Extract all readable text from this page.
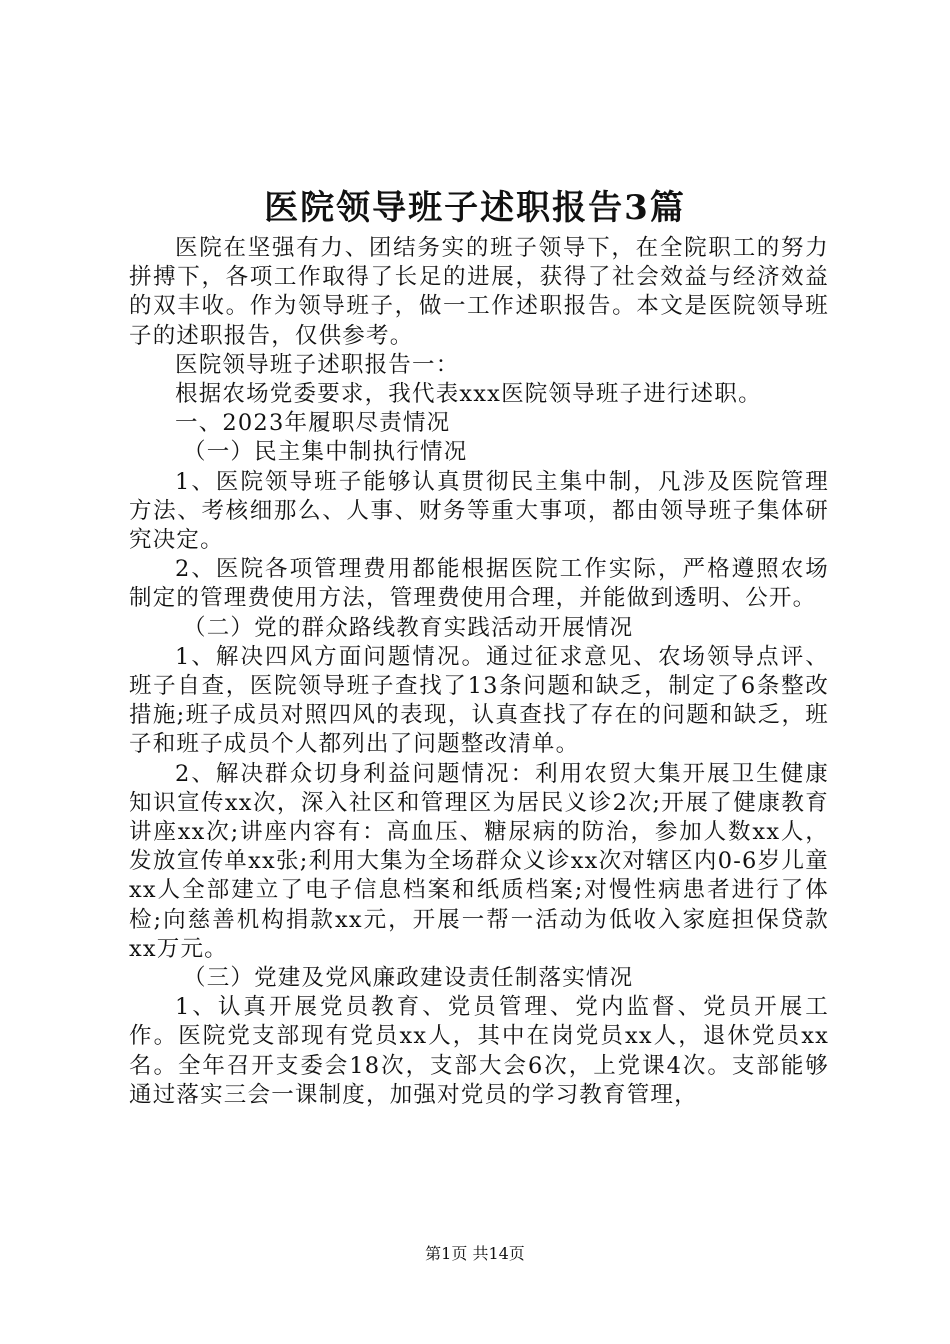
医院领导班子述职报告3篇

医院在坚强有力、团结务实的班子领导下，在全院职工的努力拼搏下，各项工作取得了长足的进展，获得了社会效益与经济效益的双丰收。作为领导班子，做一工作述职报告。本文是医院领导班子的述职报告，仅供参考。

医院领导班子述职报告一：

根据农场党委要求，我代表xxx医院领导班子进行述职。

一、2023年履职尽责情况

（一）民主集中制执行情况

1、医院领导班子能够认真贯彻民主集中制，凡涉及医院管理方法、考核细那么、人事、财务等重大事项，都由领导班子集体研究决定。

2、医院各项管理费用都能根据医院工作实际，严格遵照农场制定的管理费使用方法，管理费使用合理，并能做到透明、公开。

（二）党的群众路线教育实践活动开展情况

1、解决四风方面问题情况。通过征求意见、农场领导点评、班子自查，医院领导班子查找了13条问题和缺乏，制定了6条整改措施;班子成员对照四风的表现，认真查找了存在的问题和缺乏，班子和班子成员个人都列出了问题整改清单。

2、解决群众切身利益问题情况：利用农贸大集开展卫生健康知识宣传xx次，深入社区和管理区为居民义诊2次;开展了健康教育讲座xx次;讲座内容有：高血压、糖尿病的防治，参加人数xx人，发放宣传单xx张;利用大集为全场群众义诊xx次对辖区内0-6岁儿童xx人全部建立了电子信息档案和纸质档案;对慢性病患者进行了体检;向慈善机构捐款xx元，开展一帮一活动为低收入家庭担保贷款xx万元。

（三）党建及党风廉政建设责任制落实情况

1、认真开展党员教育、党员管理、党内监督、党员开展工作。医院党支部现有党员xx人，其中在岗党员xx人，退休党员xx名。全年召开支委会18次，支部大会6次，上党课4次。支部能够通过落实三会一课制度，加强对党员的学习教育管理，

第1页 共14页
